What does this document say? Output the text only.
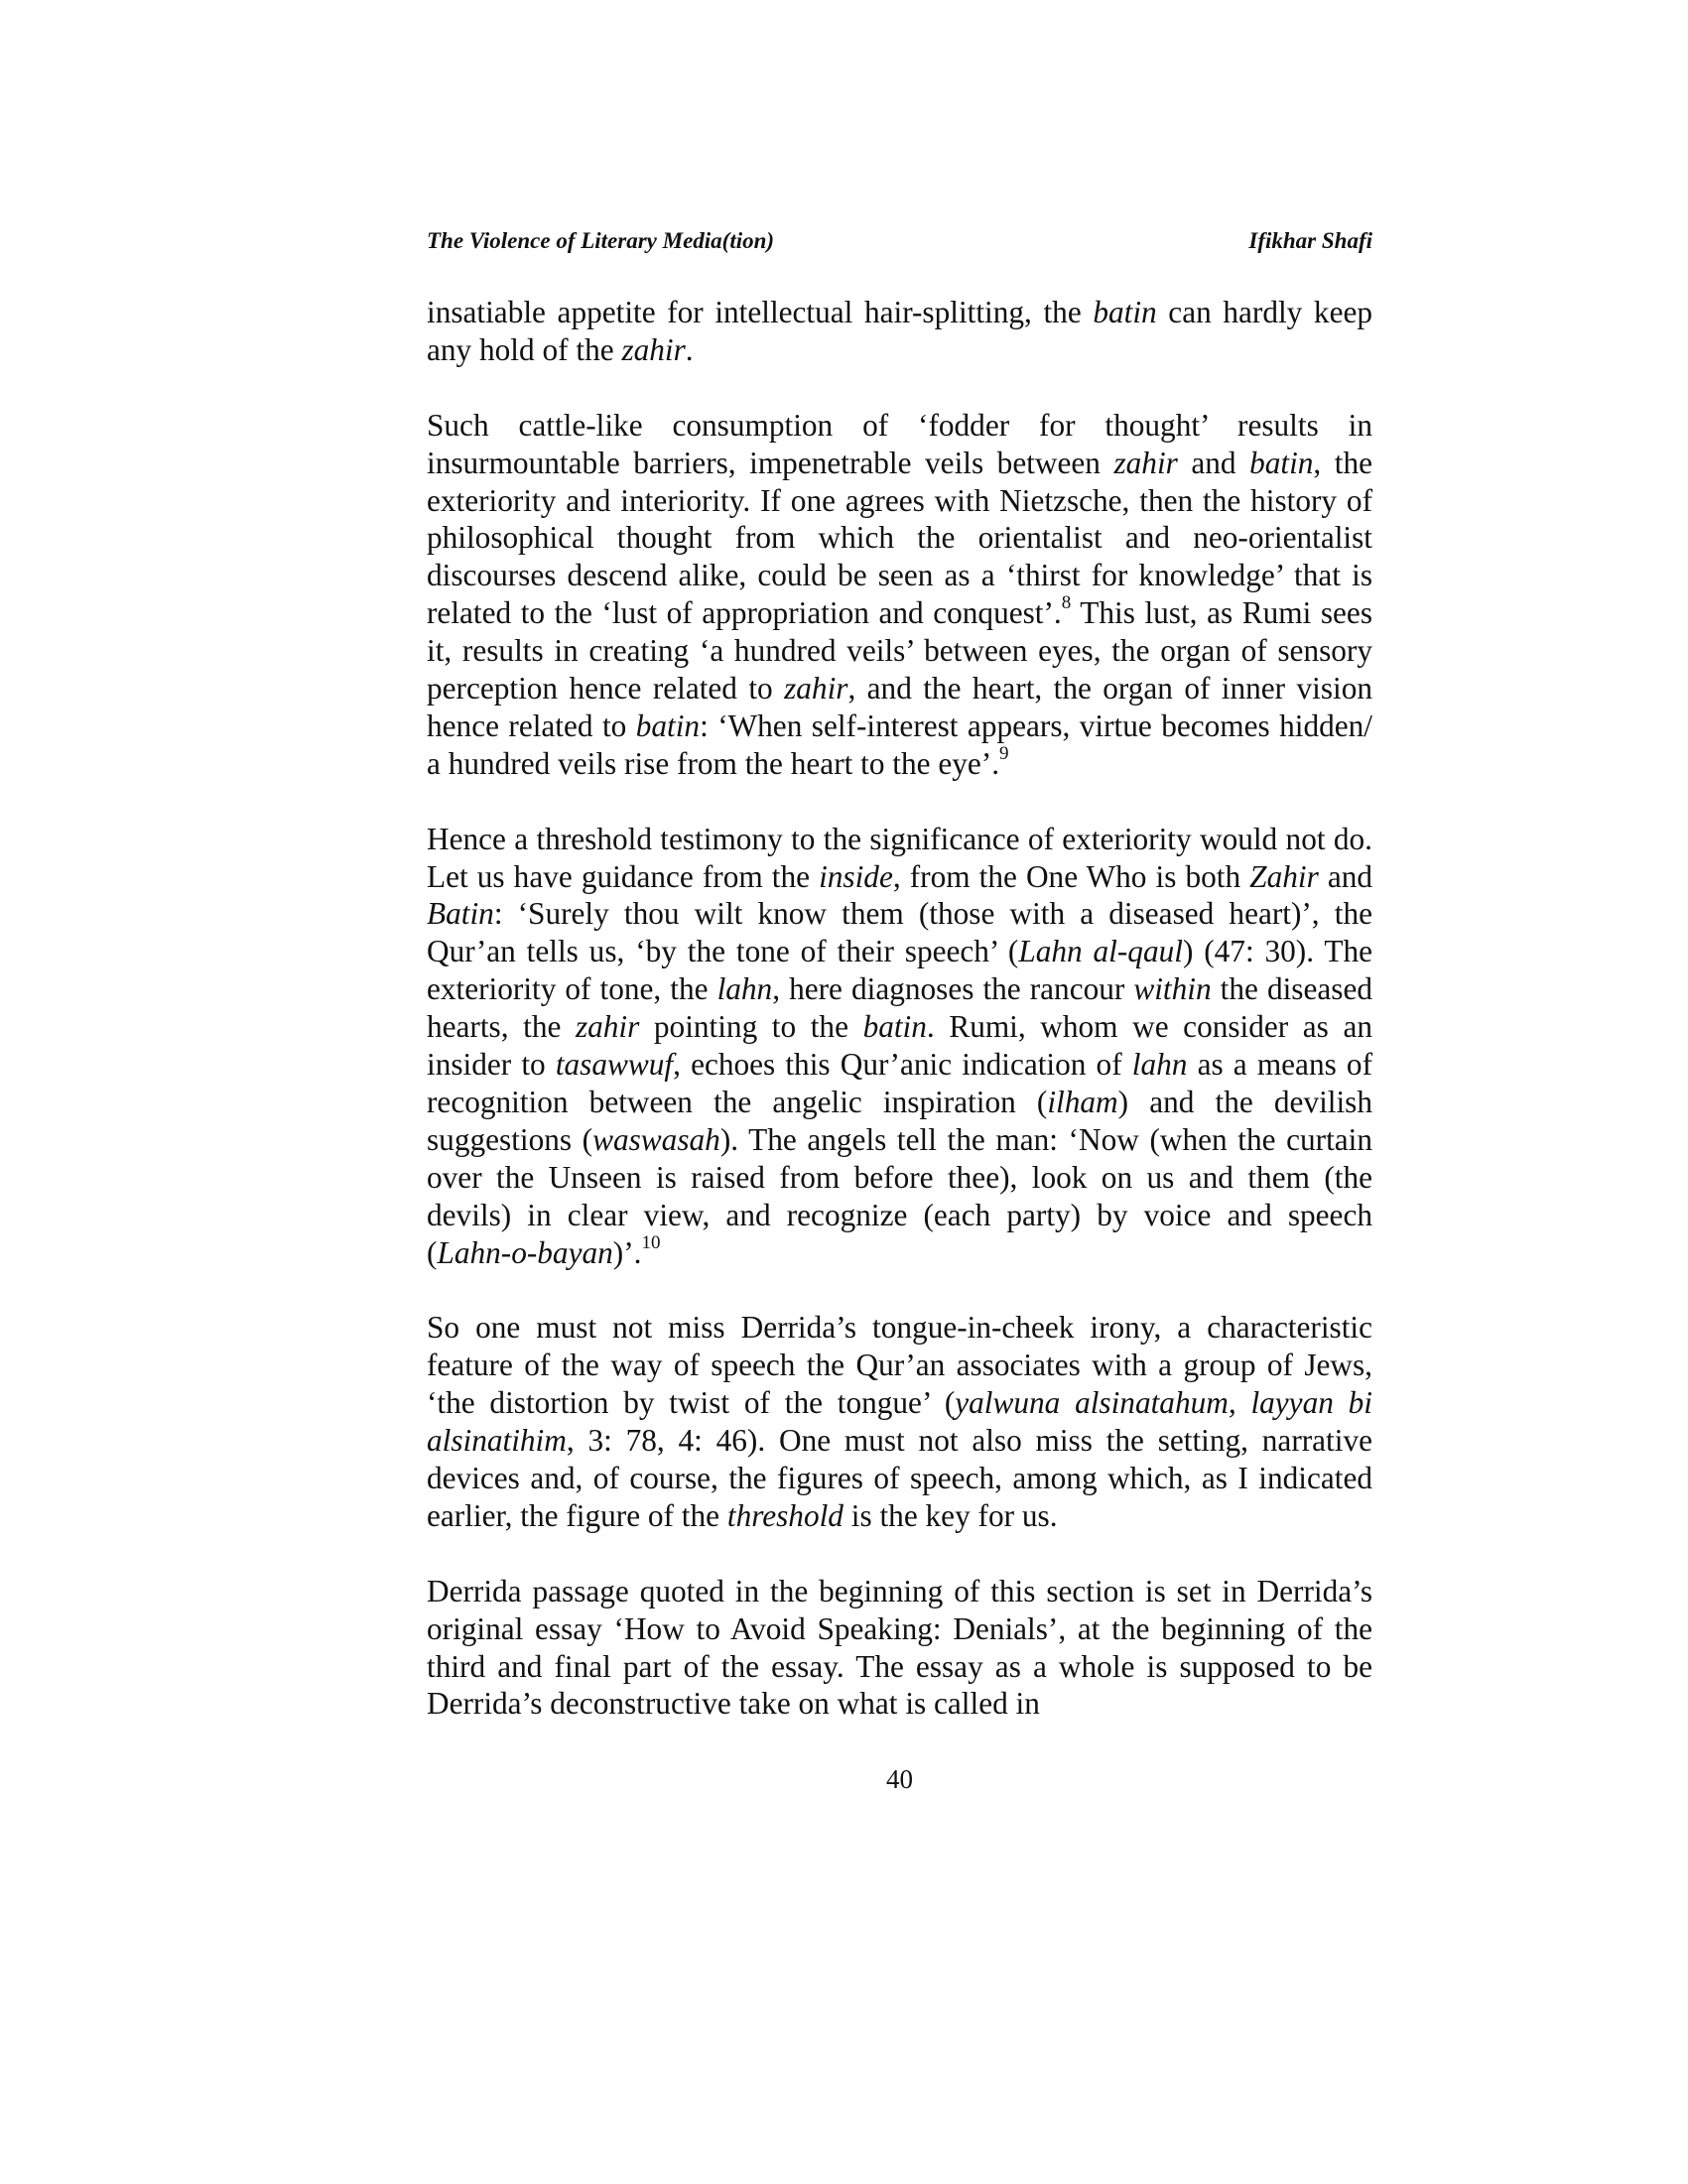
The Violence of Literary Media(tion)	Ifikhar Shafi

insatiable appetite for intellectual hair-splitting, the batin can hardly keep any hold of the zahir.

Such cattle-like consumption of ‘fodder for thought’ results in insurmountable barriers, impenetrable veils between zahir and batin, the exteriority and interiority. If one agrees with Nietzsche, then the history of philosophical thought from which the orientalist and neo-orientalist discourses descend alike, could be seen as a ‘thirst for knowledge’ that is related to the ‘lust of appropriation and conquest’.$^8$ This lust, as Rumi sees it, results in creating ‘a hundred veils’ between eyes, the organ of sensory perception hence related to zahir, and the heart, the organ of inner vision hence related to batin: ‘When self-interest appears, virtue becomes hidden/ a hundred veils rise from the heart to the eye’.$^9$

Hence a threshold testimony to the significance of exteriority would not do. Let us have guidance from the inside, from the One Who is both Zahir and Batin: ‘Surely thou wilt know them (those with a diseased heart)’, the Qur’an tells us, ‘by the tone of their speech’ (Lahn al-qaul) (47: 30). The exteriority of tone, the lahn, here diagnoses the rancour within the diseased hearts, the zahir pointing to the batin. Rumi, whom we consider as an insider to tasawwuf, echoes this Qur’anic indication of lahn as a means of recognition between the angelic inspiration (ilham) and the devilish suggestions (waswasah). The angels tell the man: ‘Now (when the curtain over the Unseen is raised from before thee), look on us and them (the devils) in clear view, and recognize (each party) by voice and speech (Lahn-o-bayan)’.$^{10}$

So one must not miss Derrida’s tongue-in-cheek irony, a characteristic feature of the way of speech the Qur’an associates with a group of Jews, ‘the distortion by twist of the tongue’ (yalwuna alsinatahum, layyan bi alsinatihim, 3: 78, 4: 46). One must not also miss the setting, narrative devices and, of course, the figures of speech, among which, as I indicated earlier, the figure of the threshold is the key for us.

Derrida passage quoted in the beginning of this section is set in Derrida’s original essay ‘How to Avoid Speaking: Denials’, at the beginning of the third and final part of the essay. The essay as a whole is supposed to be Derrida’s deconstructive take on what is called in

40
